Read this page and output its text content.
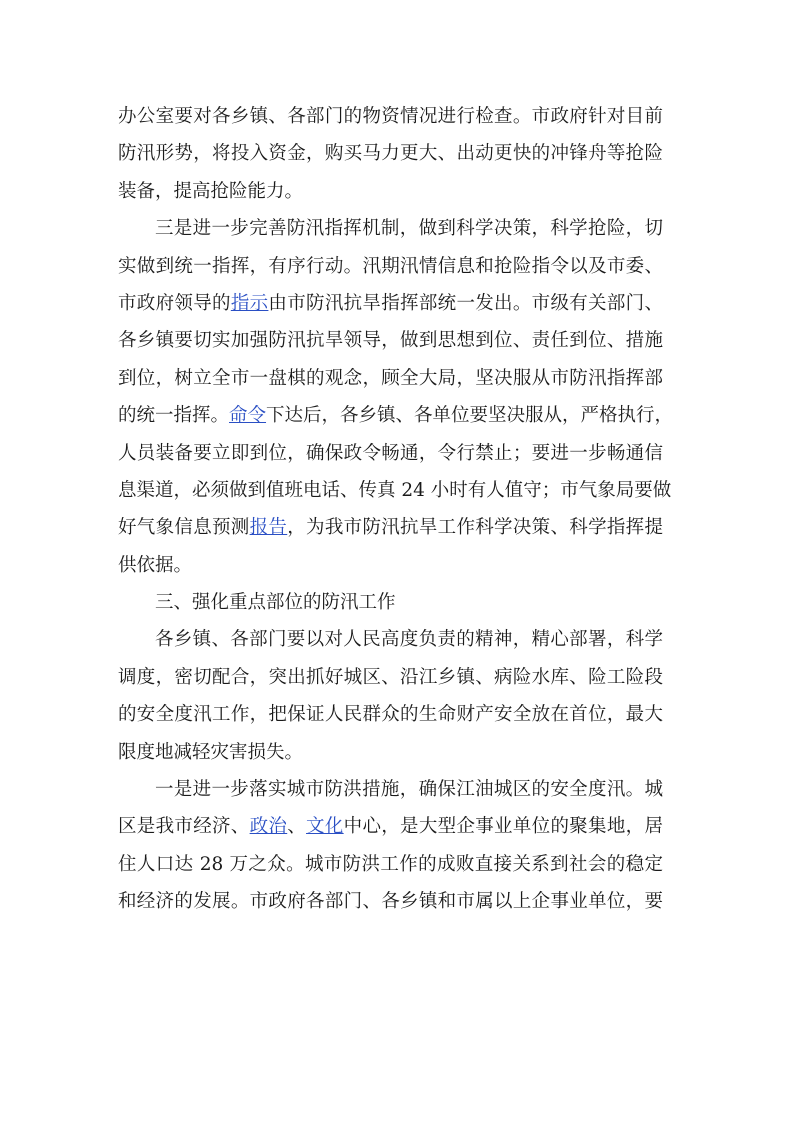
办公室要对各乡镇、各部门的物资情况进行检查。市政府针对目前
防汛形势，将投入资金，购买马力更大、出动更快的冲锋舟等抢险
装备，提高抢险能力。
三是进一步完善防汛指挥机制，做到科学决策，科学抢险，切
实做到统一指挥，有序行动。汛期汛情信息和抢险指令以及市委、
市政府领导的指示由市防汛抗旱指挥部统一发出。市级有关部门、
各乡镇要切实加强防汛抗旱领导，做到思想到位、责任到位、措施
到位，树立全市一盘棋的观念，顾全大局，坚决服从市防汛指挥部
的统一指挥。命令下达后，各乡镇、各单位要坚决服从，严格执行，
人员装备要立即到位，确保政令畅通，令行禁止；要进一步畅通信
息渠道，必须做到值班电话、传真 24 小时有人值守；市气象局要做
好气象信息预测报告，为我市防汛抗旱工作科学决策、科学指挥提
供依据。
三、强化重点部位的防汛工作
各乡镇、各部门要以对人民高度负责的精神，精心部署，科学
调度，密切配合，突出抓好城区、沿江乡镇、病险水库、险工险段
的安全度汛工作，把保证人民群众的生命财产安全放在首位，最大
限度地减轻灾害损失。
一是进一步落实城市防洪措施，确保江油城区的安全度汛。城
区是我市经济、政治、文化中心，是大型企事业单位的聚集地，居
住人口达 28 万之众。城市防洪工作的成败直接关系到社会的稳定
和经济的发展。市政府各部门、各乡镇和市属以上企事业单位，要
